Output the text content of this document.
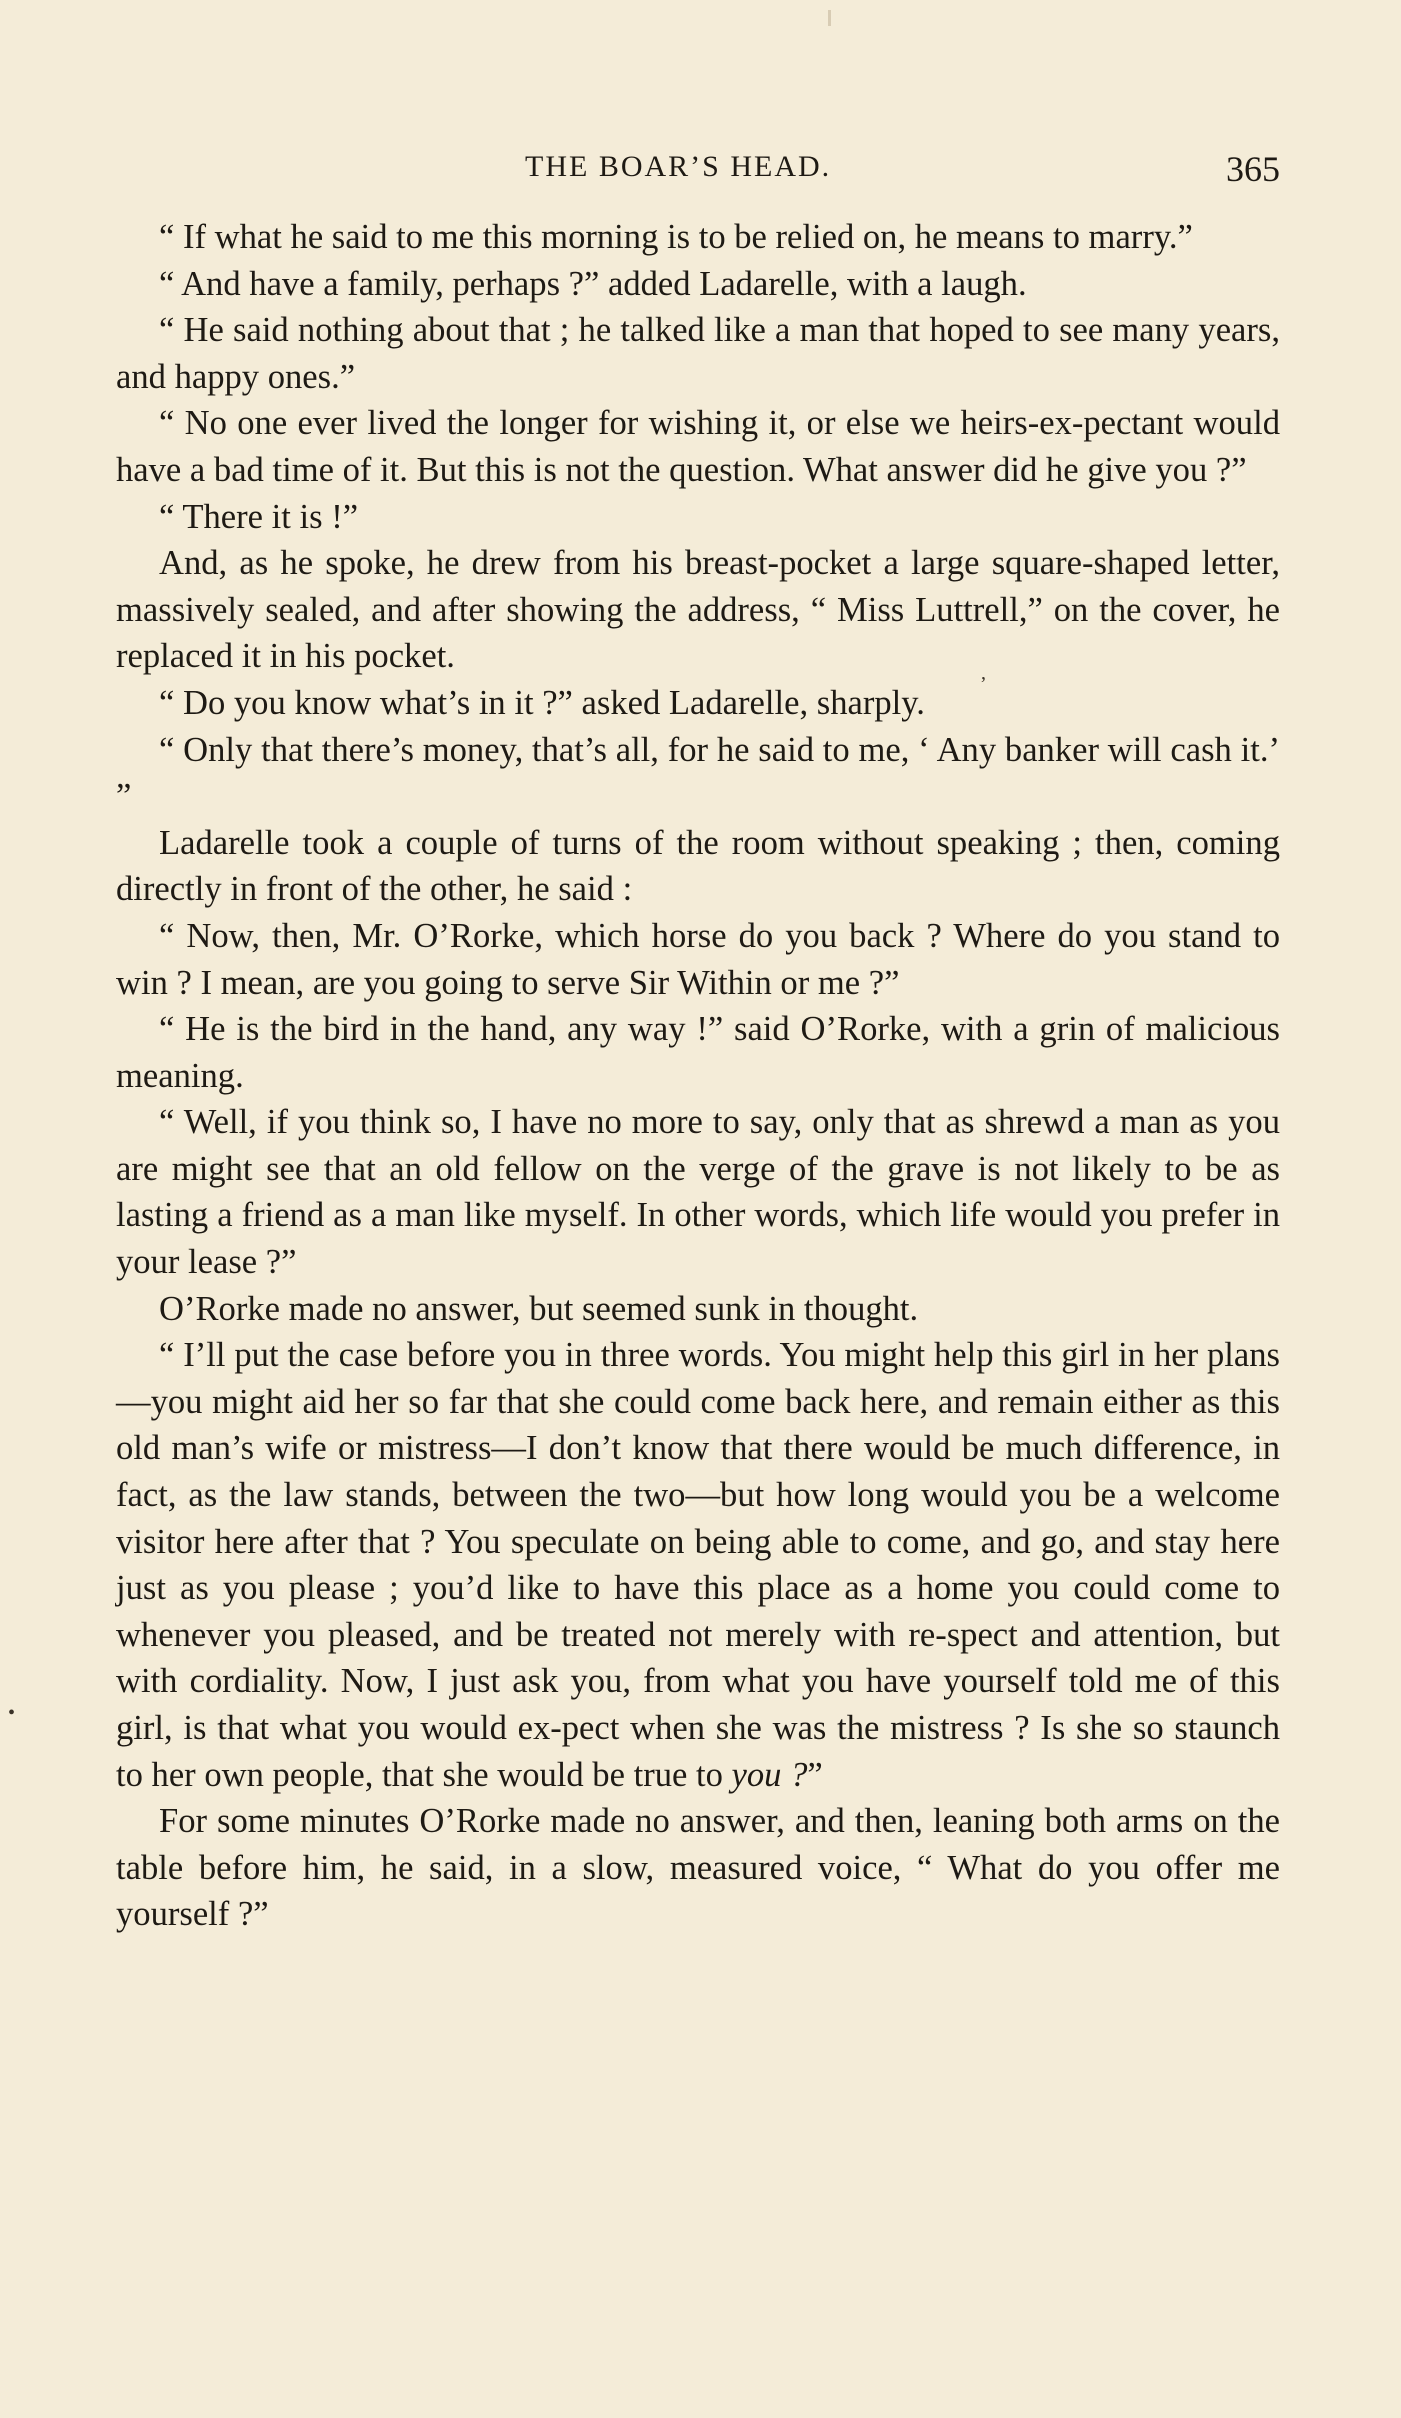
THE BOAR’S HEAD.	365
‚
•

“ If what he said to me this morning is to be relied on, he means to marry.”

“ And have a family, perhaps ?” added Ladarelle, with a laugh.

“ He said nothing about that ; he talked like a man that hoped to see many years, and happy ones.”

“ No one ever lived the longer for wishing it, or else we heirs-ex-pectant would have a bad time of it. But this is not the question. What answer did he give you ?”

“ There it is !”

And, as he spoke, he drew from his breast-pocket a large square-shaped letter, massively sealed, and after showing the address, “ Miss Luttrell,” on the cover, he replaced it in his pocket.

“ Do you know what’s in it ?” asked Ladarelle, sharply.

“ Only that there’s money, that’s all, for he said to me, ‘ Any banker will cash it.’ ”

Ladarelle took a couple of turns of the room without speaking ; then, coming directly in front of the other, he said :

“ Now, then, Mr. O’Rorke, which horse do you back ? Where do you stand to win ? I mean, are you going to serve Sir Within or me ?”

“ He is the bird in the hand, any way !” said O’Rorke, with a grin of malicious meaning.

“ Well, if you think so, I have no more to say, only that as shrewd a man as you are might see that an old fellow on the verge of the grave is not likely to be as lasting a friend as a man like myself. In other words, which life would you prefer in your lease ?”

O’Rorke made no answer, but seemed sunk in thought.

“ I’ll put the case before you in three words. You might help this girl in her plans—you might aid her so far that she could come back here, and remain either as this old man’s wife or mistress—I don’t know that there would be much difference, in fact, as the law stands, between the two—but how long would you be a welcome visitor here after that ? You speculate on being able to come, and go, and stay here just as you please ; you’d like to have this place as a home you could come to whenever you pleased, and be treated not merely with re-spect and attention, but with cordiality. Now, I just ask you, from what you have yourself told me of this girl, is that what you would ex-pect when she was the mistress ? Is she so staunch to her own people, that she would be true to you ?”

For some minutes O’Rorke made no answer, and then, leaning both arms on the table before him, he said, in a slow, measured voice, “ What do you offer me yourself ?”
